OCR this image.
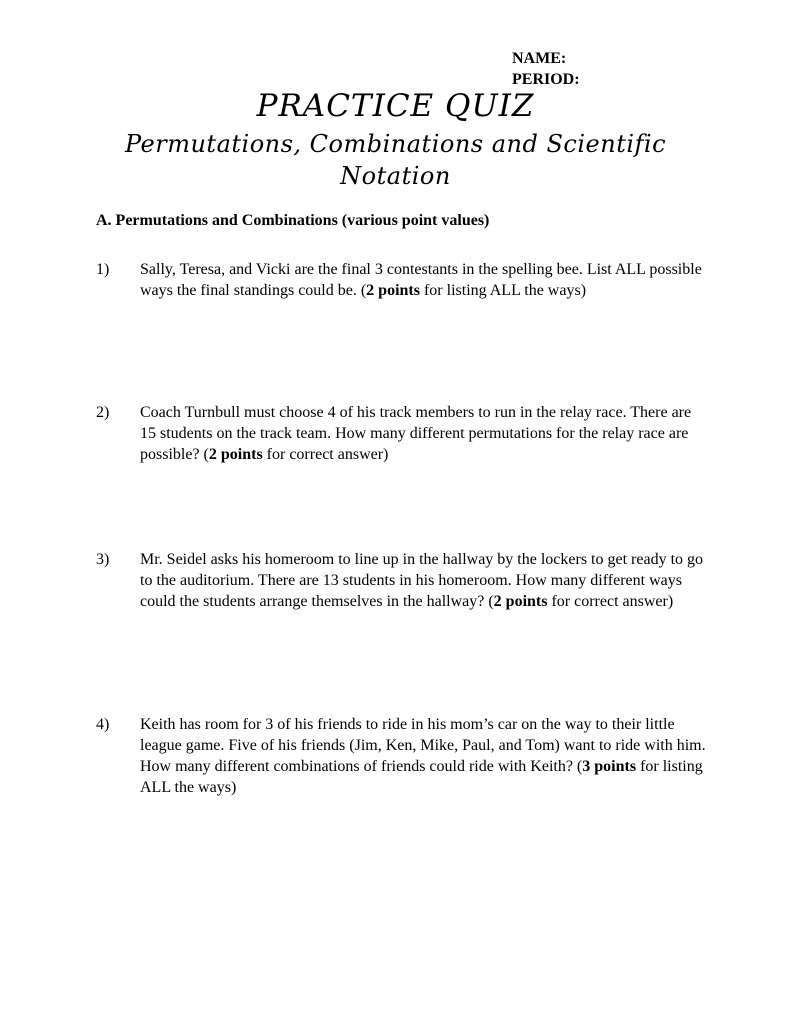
NAME:
PERIOD:
PRACTICE QUIZ
Permutations, Combinations and Scientific
Notation
A. Permutations and Combinations (various point values)
1) Sally, Teresa, and Vicki are the final 3 contestants in the spelling bee. List ALL possible ways the final standings could be. (2 points for listing ALL the ways)
2) Coach Turnbull must choose 4 of his track members to run in the relay race. There are 15 students on the track team. How many different permutations for the relay race are possible? (2 points for correct answer)
3) Mr. Seidel asks his homeroom to line up in the hallway by the lockers to get ready to go to the auditorium. There are 13 students in his homeroom. How many different ways could the students arrange themselves in the hallway? (2 points for correct answer)
4) Keith has room for 3 of his friends to ride in his mom’s car on the way to their little league game. Five of his friends (Jim, Ken, Mike, Paul, and Tom) want to ride with him. How many different combinations of friends could ride with Keith? (3 points for listing ALL the ways)
